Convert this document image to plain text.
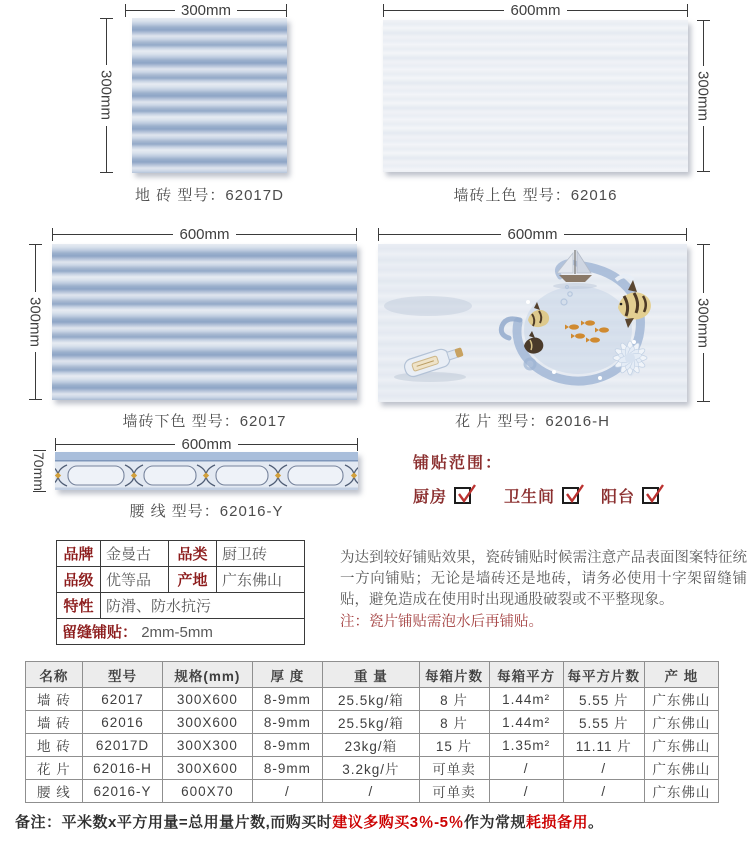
300mm
300mm
地 砖 型号：62017D
600mm
300mm
墙砖上色 型号：62016
600mm
300mm
墙砖下色 型号：62017
600mm
300mm
花 片 型号：62016-H
600mm
70mm
腰 线 型号：62016-Y
铺贴范围：
厨房	卫生间	阳台
品牌	金曼古	品类	厨卫砖
品级	优等品	产地	广东佛山
特性	防滑、防水抗污		
留缝铺贴： 2mm-5mm			
为达到较好铺贴效果，瓷砖铺贴时候需注意产品表面图案特征统一方向铺贴；无论是墙砖还是地砖，请务必使用十字架留缝铺贴，避免造成在使用时出现通股破裂或不平整现象。
注：瓷片铺贴需泡水后再铺贴。
名称	型号	规格(mm)	厚 度	重 量	每箱片数	每箱平方	每平方片数	产 地
墙 砖	62017	300X600	8-9mm	25.5kg/箱	8 片	1.44m²	5.55 片	广东佛山
墙 砖	62016	300X600	8-9mm	25.5kg/箱	8 片	1.44m²	5.55 片	广东佛山
地 砖	62017D	300X300	8-9mm	23kg/箱	15 片	1.35m²	11.11 片	广东佛山
花 片	62016-H	300X600	8-9mm	3.2kg/片	可单卖	/	/	广东佛山
腰 线	62016-Y	600X70	/	/	可单卖	/	/	广东佛山
备注：平米数x平方用量=总用量片数,而购买时建议多购买3％-5％作为常规耗损备用。
